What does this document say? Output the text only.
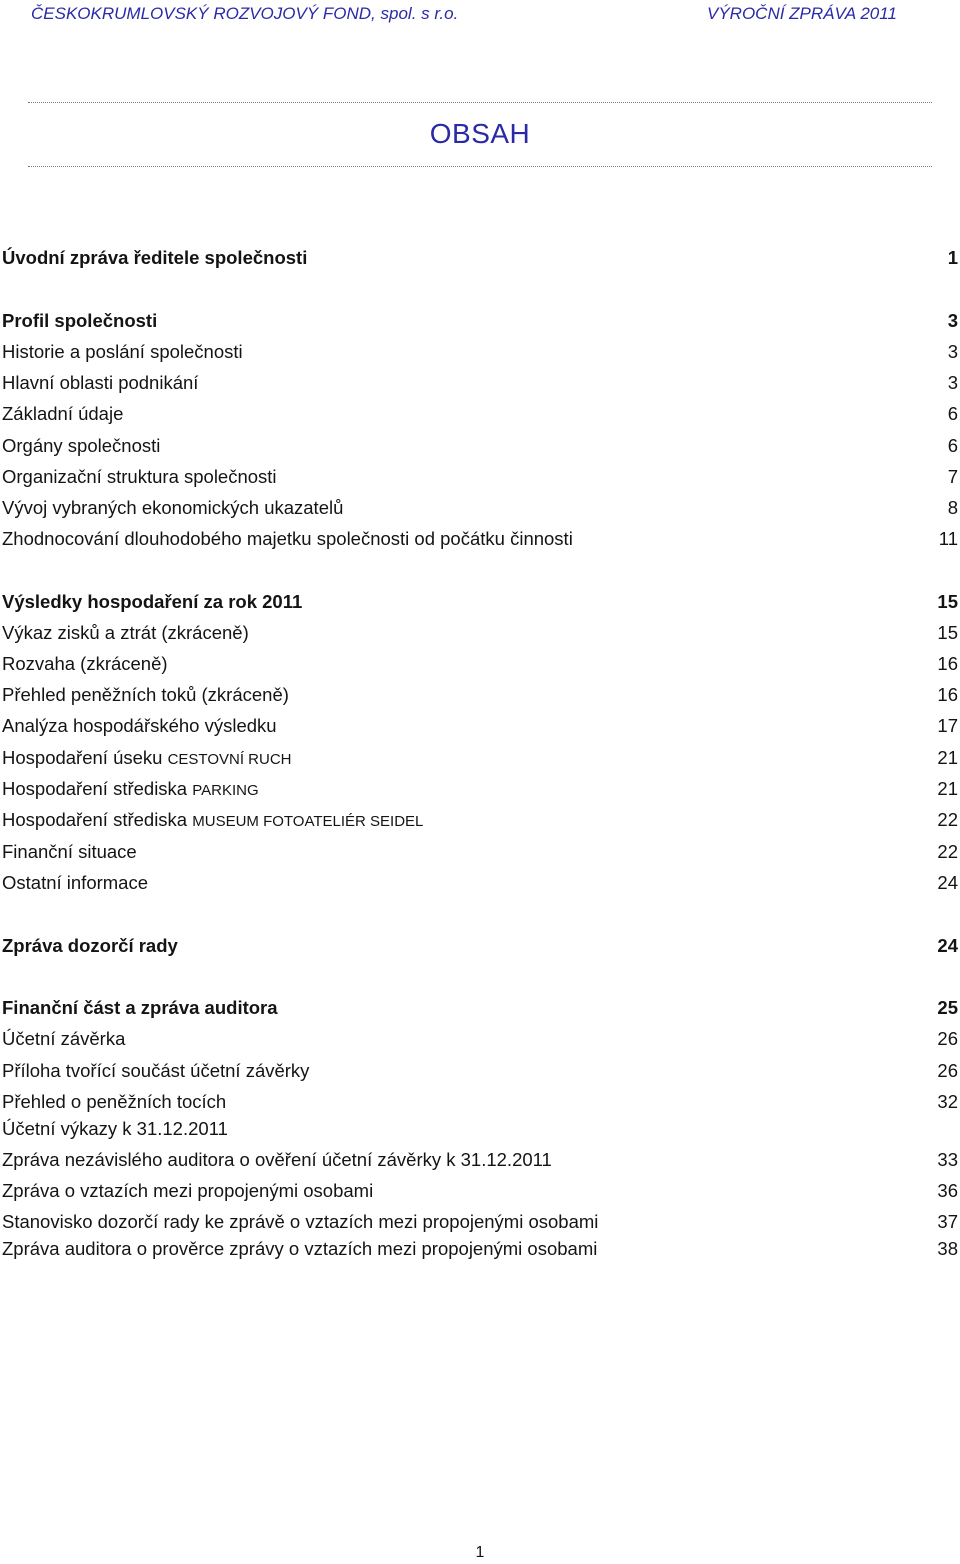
ČESKOKRUMLOVSKÝ ROZVOJOVÝ FOND, spol. s r.o.	VÝROČNÍ ZPRÁVA 2011
OBSAH
Úvodní zpráva ředitele společnosti	1
Profil společnosti	3
Historie a poslání společnosti	3
Hlavní oblasti podnikání	3
Základní údaje	6
Orgány společnosti	6
Organizační struktura společnosti	7
Vývoj vybraných ekonomických ukazatelů	8
Zhodnocování dlouhodobého majetku společnosti od počátku činnosti	11
Výsledky hospodaření za rok 2011	15
Výkaz zisků a ztrát (zkráceně)	15
Rozvaha (zkráceně)	16
Přehled peněžních toků (zkráceně)	16
Analýza hospodářského výsledku	17
Hospodaření úseku CESTOVNÍ RUCH	21
Hospodaření střediska PARKING	21
Hospodaření střediska MUSEUM FOTOATELIÉR SEIDEL	22
Finanční situace	22
Ostatní informace	24
Zpráva dozorčí rady	24
Finanční část a zpráva auditora	25
Účetní závěrka	26
Příloha tvořící součást účetní závěrky	26
Přehled o peněžních tocích	32
Účetní výkazy k 31.12.2011
Zpráva nezávislého auditora o ověření účetní závěrky k 31.12.2011	33
Zpráva o vztazích mezi propojenými osobami	36
Stanovisko dozorčí rady ke zprávě o vztazích mezi propojenými osobami	37
Zpráva auditora o prověrce zprávy o vztazích mezi propojenými osobami	38
1
